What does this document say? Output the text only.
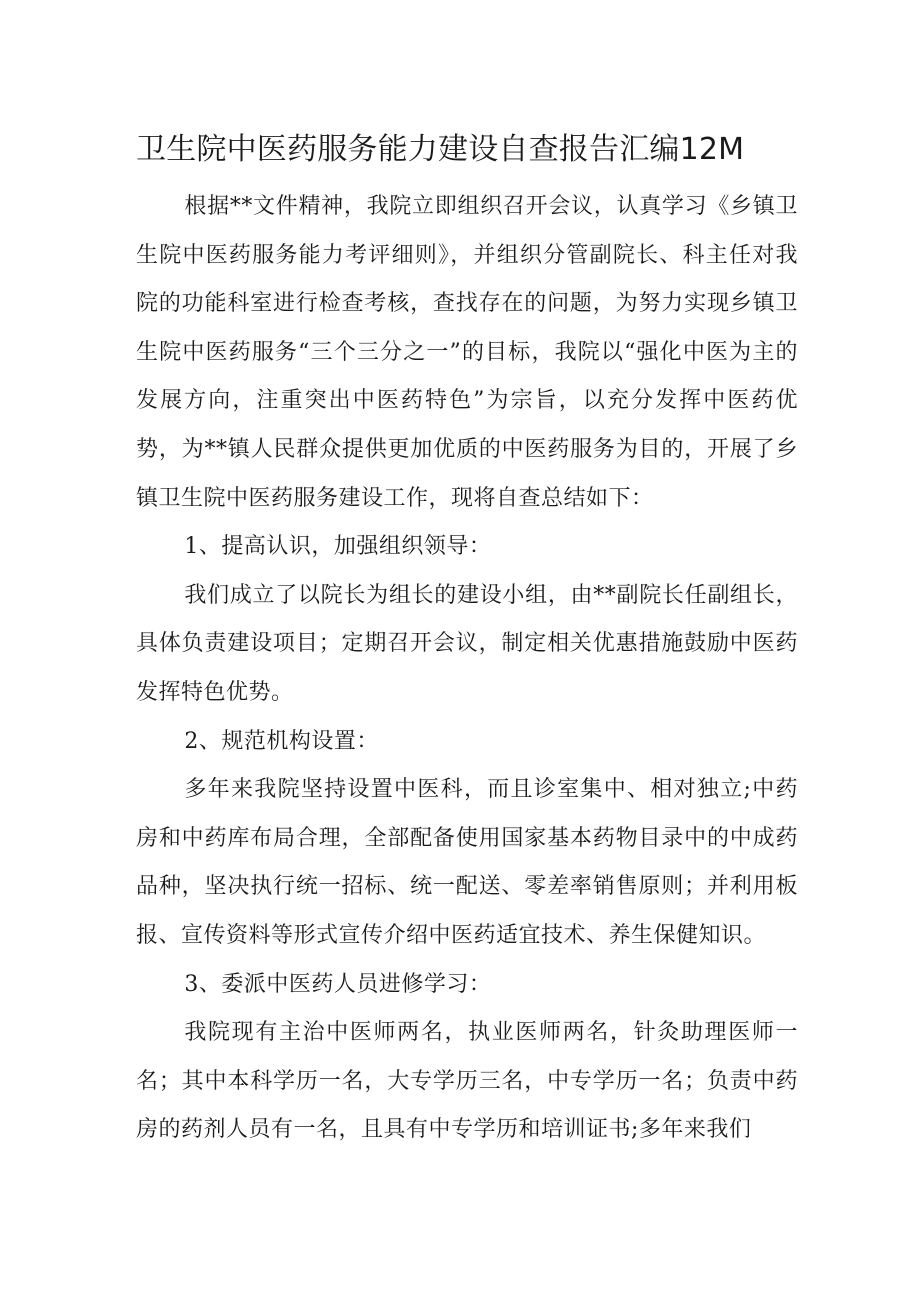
卫生院中医药服务能力建设自查报告汇编12M

根据**文件精神，我院立即组织召开会议，认真学习《乡镇卫生院中医药服务能力考评细则》，并组织分管副院长、科主任对我院的功能科室进行检查考核，查找存在的问题，为努力实现乡镇卫生院中医药服务“三个三分之一”的目标，我院以“强化中医为主的发展方向，注重突出中医药特色”为宗旨，以充分发挥中医药优势，为**镇人民群众提供更加优质的中医药服务为目的，开展了乡镇卫生院中医药服务建设工作，现将自查总结如下：

1、提高认识，加强组织领导：

我们成立了以院长为组长的建设小组，由**副院长任副组长，具体负责建设项目；定期召开会议，制定相关优惠措施鼓励中医药发挥特色优势。

2、规范机构设置：

多年来我院坚持设置中医科，而且诊室集中、相对独立;中药房和中药库布局合理，全部配备使用国家基本药物目录中的中成药品种，坚决执行统一招标、统一配送、零差率销售原则；并利用板报、宣传资料等形式宣传介绍中医药适宜技术、养生保健知识。

3、委派中医药人员进修学习：

我院现有主治中医师两名，执业医师两名，针灸助理医师一名；其中本科学历一名，大专学历三名，中专学历一名；负责中药房的药剂人员有一名，且具有中专学历和培训证书;多年来我们
